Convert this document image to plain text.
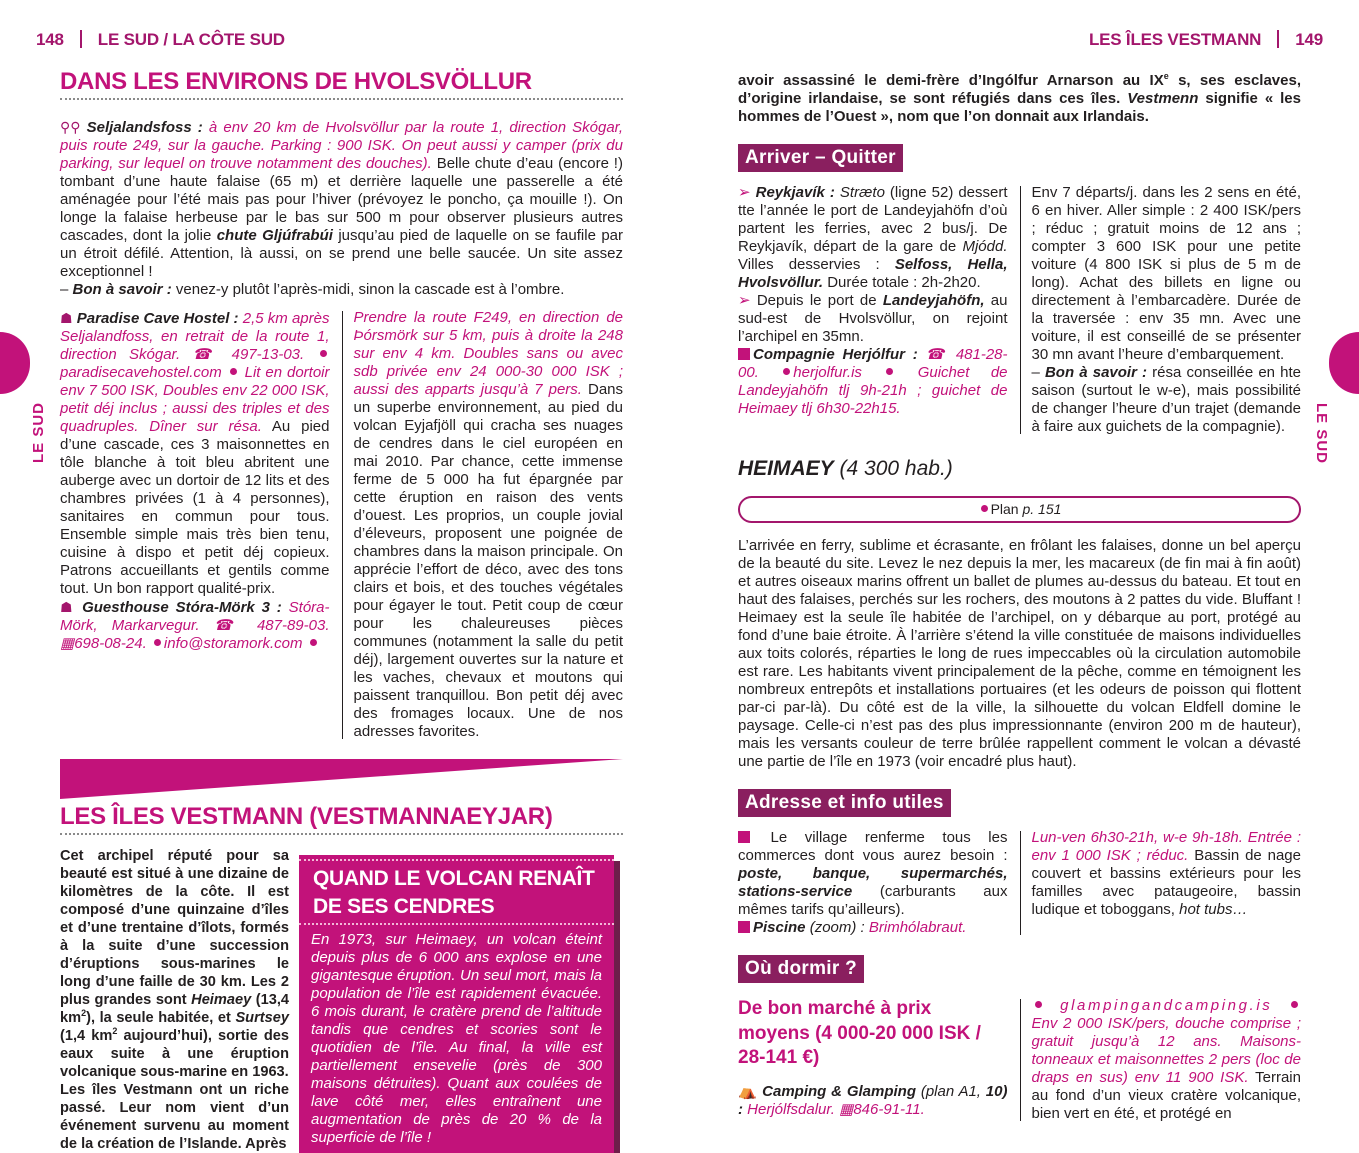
148 LE SUD / LA CÔTE SUD	LES ÎLES VESTMANN 149
LE SUD	LE SUD
DANS LES ENVIRONS DE HVOLSVÖLLUR
⚲⚲ Seljalandsfoss : à env 20 km de Hvolsvöllur par la route 1, direction Skógar, puis route 249, sur la gauche. Parking : 900 ISK. On peut aussi y camper (prix du parking, sur lequel on trouve notamment des douches). Belle chute d’eau (encore !) tombant d’une haute falaise (65 m) et derrière laquelle une passerelle a été aménagée pour l’été mais pas pour l’hiver (prévoyez le poncho, ça mouille !). On longe la falaise herbeuse par le bas sur 500 m pour observer plusieurs autres cascades, dont la jolie chute Gljúfrabúi jusqu’au pied de laquelle on se faufile par un étroit défilé. Attention, là aussi, on se prend une belle saucée. Un site assez exceptionnel !
– Bon à savoir : venez-y plutôt l’après-midi, sinon la cascade est à l’ombre.
☗ Paradise Cave Hostel : 2,5 km après Seljalandfoss, en retrait de la route 1, direction Skógar. ☎ 497-13-03. paradisecavehostel.com Lit en dortoir env 7 500 ISK, Doubles env 22 000 ISK, petit déj inclus ; aussi des triples et des quadruples. Dîner sur résa. Au pied d’une cascade, ces 3 maisonnettes en tôle blanche à toit bleu abritent une auberge avec un dortoir de 12 lits et des chambres privées (1 à 4 personnes), sanitaires en commun pour tous. Ensemble simple mais très bien tenu, cuisine à dispo et petit déj copieux. Patrons accueillants et gentils comme tout. Un bon rapport qualité-prix.
☗ Guesthouse Stóra-Mörk 3 : Stóra-Mörk, Markarvegur. ☎ 487-89-03. ▦698-08-24. info@storamork.com
Prendre la route F249, en direction de Þórsmörk sur 5 km, puis à droite la 248 sur env 4 km. Doubles sans ou avec sdb privée env 24 000-30 000 ISK ; aussi des apparts jusqu’à 7 pers. Dans un superbe environnement, au pied du volcan Eyjafjöll qui cracha ses nuages de cendres dans le ciel européen en mai 2010. Par chance, cette immense ferme de 5 000 ha fut épargnée par cette éruption en raison des vents d’ouest. Les proprios, un couple jovial d’éleveurs, proposent une poignée de chambres dans la maison principale. On apprécie l’effort de déco, avec des tons clairs et bois, et des touches végétales pour égayer le tout. Petit coup de cœur pour les chaleureuses pièces communes (notamment la salle du petit déj), largement ouvertes sur la nature et les vaches, chevaux et moutons qui paissent tranquillou. Bon petit déj avec des fromages locaux. Une de nos adresses favorites.
LES ÎLES VESTMANN (VESTMANNAEYJAR)
Cet archipel réputé pour sa beauté est situé à une dizaine de kilomètres de la côte. Il est composé d’une quinzaine d’îles et d’une trentaine d’îlots, formés à la suite d’une succession d’éruptions sous-marines le long d’une faille de 30 km. Les 2 plus grandes sont Heimaey (13,4 $km^2$), la seule habitée, et Surtsey (1,4 $km^2$ aujourd’hui), sortie des eaux suite à une éruption volcanique sous-marine en 1963.
Les îles Vestmann ont un riche passé. Leur nom vient d’un événement survenu au moment de la création de l’Islande. Après
QUAND LE VOLCAN RENAÎT DE SES CENDRES
En 1973, sur Heimaey, un volcan éteint depuis plus de 6 000 ans explose en une gigantesque éruption. Un seul mort, mais la population de l’île est rapidement évacuée. 6 mois durant, le cratère prend de l’altitude tandis que cendres et scories sont le quotidien de l’île. Au final, la ville est partiellement ensevelie (près de 300 maisons détruites). Quant aux coulées de lave côté mer, elles entraînent une augmentation de près de 20 % de la superficie de l’île !
avoir assassiné le demi-frère d’Ingólfur Arnarson au IXe s, ses esclaves, d’origine irlandaise, se sont réfugiés dans ces îles. Vestmenn signifie « les hommes de l’Ouest », nom que l’on donnait aux Irlandais.
Arriver – Quitter
➢ Reykjavík : Stræto (ligne 52) dessert tte l’année le port de Landeyjahöfn d’où partent les ferries, avec 2 bus/j. De Reykjavík, départ de la gare de Mjódd. Villes desservies : Selfoss, Hella, Hvolsvöllur. Durée totale : 2h-2h20.
➢ Depuis le port de Landeyjahöfn, au sud-est de Hvolsvöllur, on rejoint l’archipel en 35mn.
Compagnie Herjólfur : ☎ 481-28-00. herjolfur.is	Guichet de Landeyjahöfn tlj 9h-21h ; guichet de Heimaey tlj 6h30-22h15.
Env 7 départs/j. dans les 2 sens en été, 6 en hiver. Aller simple : 2 400 ISK/pers ; réduc ; gratuit moins de 12 ans ; compter 3 600 ISK pour une petite voiture (4 800 ISK si plus de 5 m de long). Achat des billets en ligne ou directement à l’embarcadère. Durée de la traversée : env 35 mn. Avec une voiture, il est conseillé de se présenter 30 mn avant l’heure d’embarquement.
– Bon à savoir : résa conseillée en hte saison (surtout le w-e), mais possibilité de changer l’heure d’un trajet (demande à faire aux guichets de la compagnie).
HEIMAEY (4 300 hab.)
Plan p. 151
L’arrivée en ferry, sublime et écrasante, en frôlant les falaises, donne un bel aperçu de la beauté du site. Levez le nez depuis la mer, les macareux (de fin mai à fin août) et autres oiseaux marins offrent un ballet de plumes au-dessus du bateau. Et tout en haut des falaises, perchés sur les rochers, des moutons à 2 pattes du vide. Bluffant ! Heimaey est la seule île habitée de l’archipel, on y débarque au port, protégé au fond d’une baie étroite. À l’arrière s’étend la ville constituée de maisons individuelles aux toits colorés, réparties le long de rues impeccables où la circulation automobile est rare. Les habitants vivent principalement de la pêche, comme en témoignent les nombreux entrepôts et installations portuaires (et les odeurs de poisson qui flottent par-ci par-là). Du côté est de la ville, la silhouette du volcan Eldfell domine le paysage. Celle-ci n’est pas des plus impressionnante (environ 200 m de hauteur), mais les versants couleur de terre brûlée rappellent comment le volcan a dévasté une partie de l’île en 1973 (voir encadré plus haut).
Adresse et info utiles
Le village renferme tous les commerces dont vous aurez besoin : poste, banque, supermarchés, stations-service (carburants aux mêmes tarifs qu’ailleurs).
Piscine (zoom) : Brimhólabraut.
Lun-ven 6h30-21h, w-e 9h-18h. Entrée : env 1 000 ISK ; réduc. Bassin de nage couvert et bassins extérieurs pour les familles avec pataugeoire, bassin ludique et toboggans, hot tubs…
Où dormir ?
De bon marché à prix moyens (4 000-20 000 ISK / 28-141 €)
⛺ Camping & Glamping (plan A1, 10) : Herjólfsdalur. ▦846-91-11.
glampingandcamping.is  Env 2 000 ISK/pers, douche comprise ; gratuit jusqu’à 12 ans. Maisons-tonneaux et maisonnettes 2 pers (loc de draps en sus) env 11 900 ISK. Terrain au fond d’un vieux cratère volcanique, bien vert en été, et protégé en
